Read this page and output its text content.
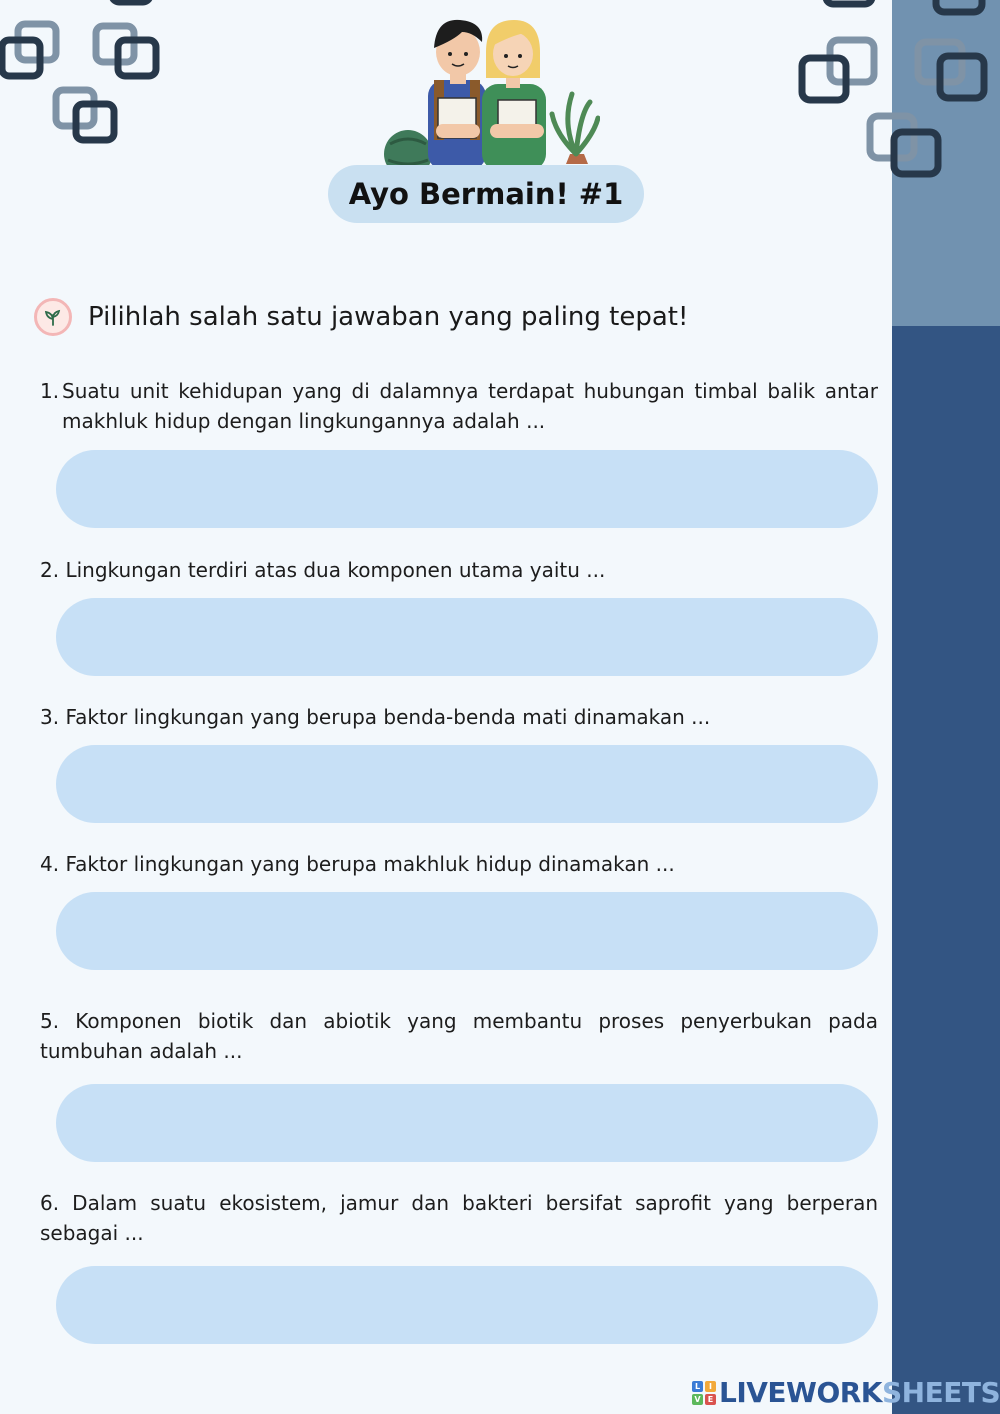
Ayo Bermain! #1
Pilihlah salah satu jawaban yang paling tepat!
1. Suatu unit kehidupan yang di dalamnya terdapat hubungan timbal balik antar makhluk hidup dengan lingkungannya adalah ...
2. Lingkungan terdiri atas dua komponen utama yaitu ...
3. Faktor lingkungan yang berupa benda-benda mati dinamakan ...
4. Faktor lingkungan yang berupa makhluk hidup dinamakan ...
5. Komponen biotik dan abiotik yang membantu proses penyerbukan pada tumbuhan adalah ...
6. Dalam suatu ekosistem, jamur dan bakteri bersifat saprofit yang berperan sebagai ...
L	I
V E LIVEWORKSHEETS
